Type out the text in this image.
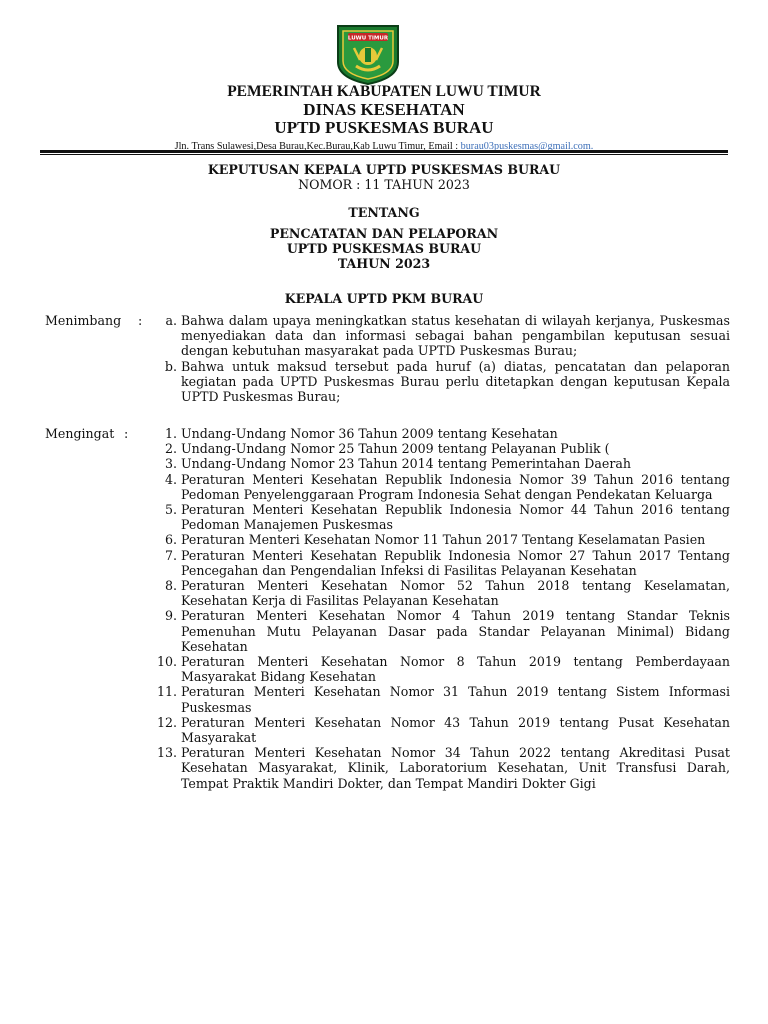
LUWU TIMUR
PEMERINTAH KABUPATEN LUWU TIMUR
DINAS KESEHATAN
UPTD PUSKESMAS BURAU
Jln. Trans Sulawesi,Desa Burau,Kec.Burau,Kab Luwu Timur, Email : burau03puskesmas@gmail.com.
KEPUTUSAN KEPALA UPTD PUSKESMAS BURAU
NOMOR : 11 TAHUN 2023
TENTANG
PENCATATAN DAN PELAPORAN
UPTD PUSKESMAS BURAU
TAHUN 2023
KEPALA UPTD PKM BURAU
Menimbang :	a. Bahwa dalam upaya meningkatkan status kesehatan di wilayah kerjanya, Puskesmas menyediakan data dan informasi sebagai bahan pengambilan keputusan sesuai dengan kebutuhan masyarakat pada UPTD Puskesmas Burau;
b. Bahwa untuk maksud tersebut pada huruf (a) diatas, pencatatan dan pelaporan kegiatan pada UPTD Puskesmas Burau perlu ditetapkan dengan keputusan Kepala UPTD Puskesmas Burau;
Mengingat :	1. Undang-Undang Nomor 36 Tahun 2009 tentang Kesehatan
2. Undang-Undang Nomor 25 Tahun 2009 tentang Pelayanan Publik (
3. Undang-Undang Nomor 23 Tahun 2014 tentang Pemerintahan Daerah
4. Peraturan Menteri Kesehatan Republik Indonesia Nomor 39 Tahun 2016 tentang Pedoman Penyelenggaraan Program Indonesia Sehat dengan Pendekatan Keluarga
5. Peraturan Menteri Kesehatan Republik Indonesia Nomor 44 Tahun 2016 tentang Pedoman Manajemen Puskesmas
6. Peraturan Menteri Kesehatan Nomor 11 Tahun 2017 Tentang Keselamatan Pasien
7. Peraturan Menteri Kesehatan Republik Indonesia Nomor 27 Tahun 2017 Tentang Pencegahan dan Pengendalian Infeksi di Fasilitas Pelayanan Kesehatan
8. Peraturan Menteri Kesehatan Nomor 52 Tahun 2018 tentang Keselamatan, Kesehatan Kerja di Fasilitas Pelayanan Kesehatan
9. Peraturan Menteri Kesehatan Nomor 4 Tahun 2019 tentang Standar Teknis Pemenuhan Mutu Pelayanan Dasar pada Standar Pelayanan Minimal) Bidang Kesehatan
10. Peraturan Menteri Kesehatan Nomor 8 Tahun 2019 tentang Pemberdayaan Masyarakat Bidang Kesehatan
11. Peraturan Menteri Kesehatan Nomor 31 Tahun 2019 tentang Sistem Informasi Puskesmas
12. Peraturan Menteri Kesehatan Nomor 43 Tahun 2019 tentang Pusat Kesehatan Masyarakat
13. Peraturan Menteri Kesehatan Nomor 34 Tahun 2022 tentang Akreditasi Pusat Kesehatan Masyarakat, Klinik, Laboratorium Kesehatan, Unit Transfusi Darah, Tempat Praktik Mandiri Dokter, dan Tempat Mandiri Dokter Gigi
